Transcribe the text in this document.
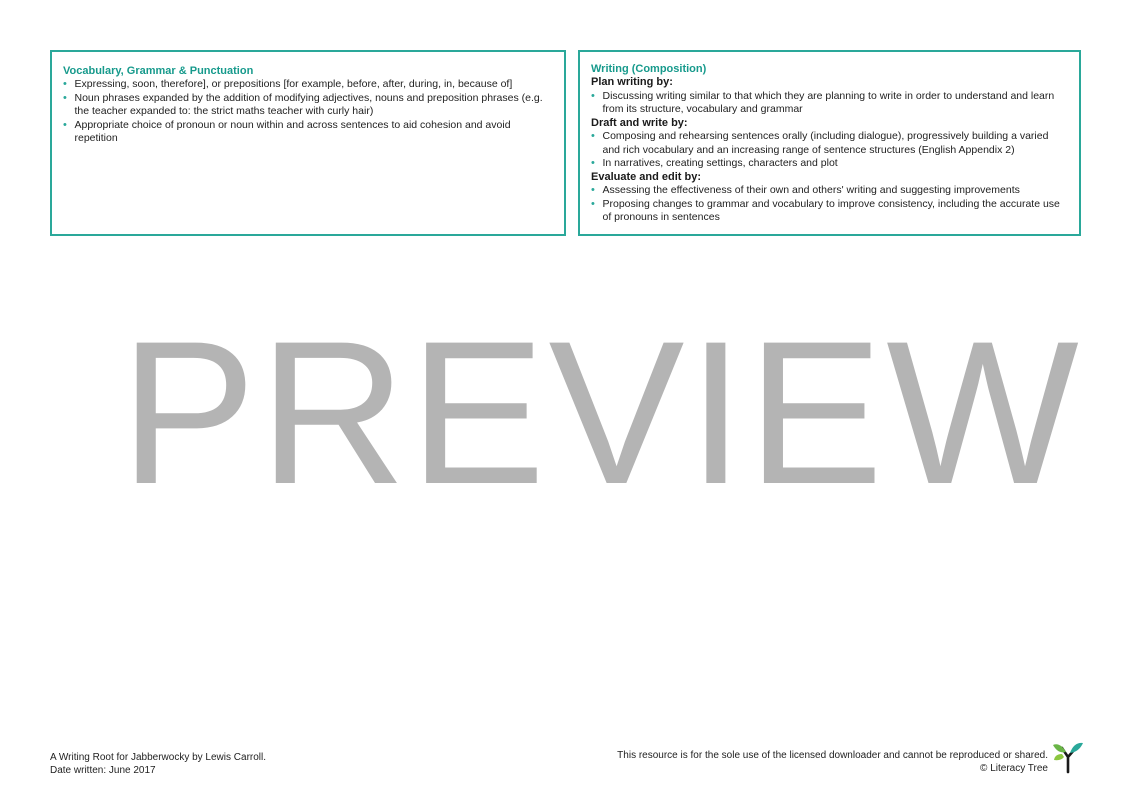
Vocabulary, Grammar & Punctuation
• Expressing, soon, therefore], or prepositions [for example, before, after, during, in, because of]
• Noun phrases expanded by the addition of modifying adjectives, nouns and preposition phrases (e.g. the teacher expanded to: the strict maths teacher with curly hair)
• Appropriate choice of pronoun or noun within and across sentences to aid cohesion and avoid repetition
Writing (Composition)
Plan writing by:
• Discussing writing similar to that which they are planning to write in order to understand and learn from its structure, vocabulary and grammar
Draft and write by:
• Composing and rehearsing sentences orally (including dialogue), progressively building a varied and rich vocabulary and an increasing range of sentence structures (English Appendix 2)
• In narratives, creating settings, characters and plot
Evaluate and edit by:
• Assessing the effectiveness of their own and others' writing and suggesting improvements
• Proposing changes to grammar and vocabulary to improve consistency, including the accurate use of pronouns in sentences
PREVIEW
A Writing Root for Jabberwocky by Lewis Carroll.
Date written: June 2017
This resource is for the sole use of the licensed downloader and cannot be reproduced or shared.
© Literacy Tree
